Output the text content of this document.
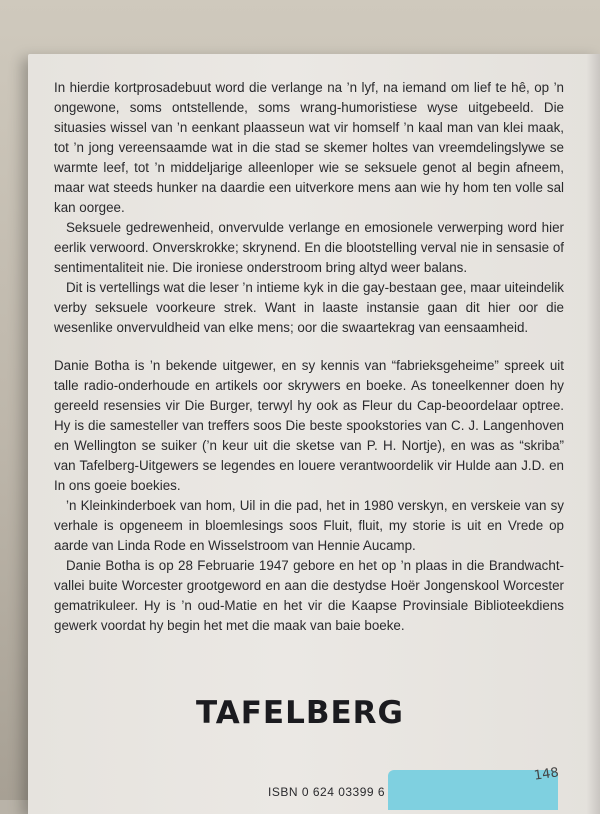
In hierdie kortprosadebuut word die verlange na ’n lyf, na iemand om lief te hê, op ’n ongewone, soms ontstellende, soms wrang-humoristiese wyse uitgebeeld. Die situasies wissel van ’n eenkant plaasseun wat vir homself ’n kaal man van klei maak, tot ’n jong vereensaamde wat in die stad se skemer holtes van vreemdelingslywe se warmte leef, tot ’n middeljarige alleenloper wie se seksuele genot al begin afneem, maar wat steeds hunker na daardie een uitverkore mens aan wie hy hom ten volle sal kan oorgee.

Seksuele gedrewenheid, onvervulde verlange en emosionele verwerping word hier eerlik verwoord. Onverskrokke; skrynend. En die blootstelling verval nie in sensasie of sentimentaliteit nie. Die ironiese onderstroom bring altyd weer balans.

Dit is vertellings wat die leser ’n intieme kyk in die gay-bestaan gee, maar uiteindelik verby seksuele voorkeure strek. Want in laaste instansie gaan dit hier oor die wesenlike onvervuldheid van elke mens; oor die swaartekrag van eensaamheid.

Danie Botha is ’n bekende uitgewer, en sy kennis van “fabrieksgeheime” spreek uit talle radio-onderhoude en artikels oor skrywers en boeke. As toneelkenner doen hy gereeld resensies vir Die Burger, terwyl hy ook as Fleur du Cap-beoordelaar optree. Hy is die samesteller van treffers soos Die beste spookstories van C. J. Langenhoven en Wellington se suiker (’n keur uit die sketse van P. H. Nortje), en was as “skriba” van Tafelberg-Uitgewers se legendes en louere verantwoordelik vir Hulde aan J.D. en In ons goeie boekies.

’n Kleinkinderboek van hom, Uil in die pad, het in 1980 verskyn, en verskeie van sy verhale is opgeneem in bloemlesings soos Fluit, fluit, my storie is uit en Vrede op aarde van Linda Rode en Wisselstroom van Hennie Aucamp.

Danie Botha is op 28 Februarie 1947 gebore en het op ’n plaas in die Brandwacht-vallei buite Worcester grootgeword en aan die destydse Hoër Jongenskool Worcester gematrikuleer. Hy is ’n oud-Matie en het vir die Kaapse Provinsiale Biblioteekdiens gewerk voordat hy begin het met die maak van baie boeke.

TAFELBERG
ISBN 0 624 03399 6
148
